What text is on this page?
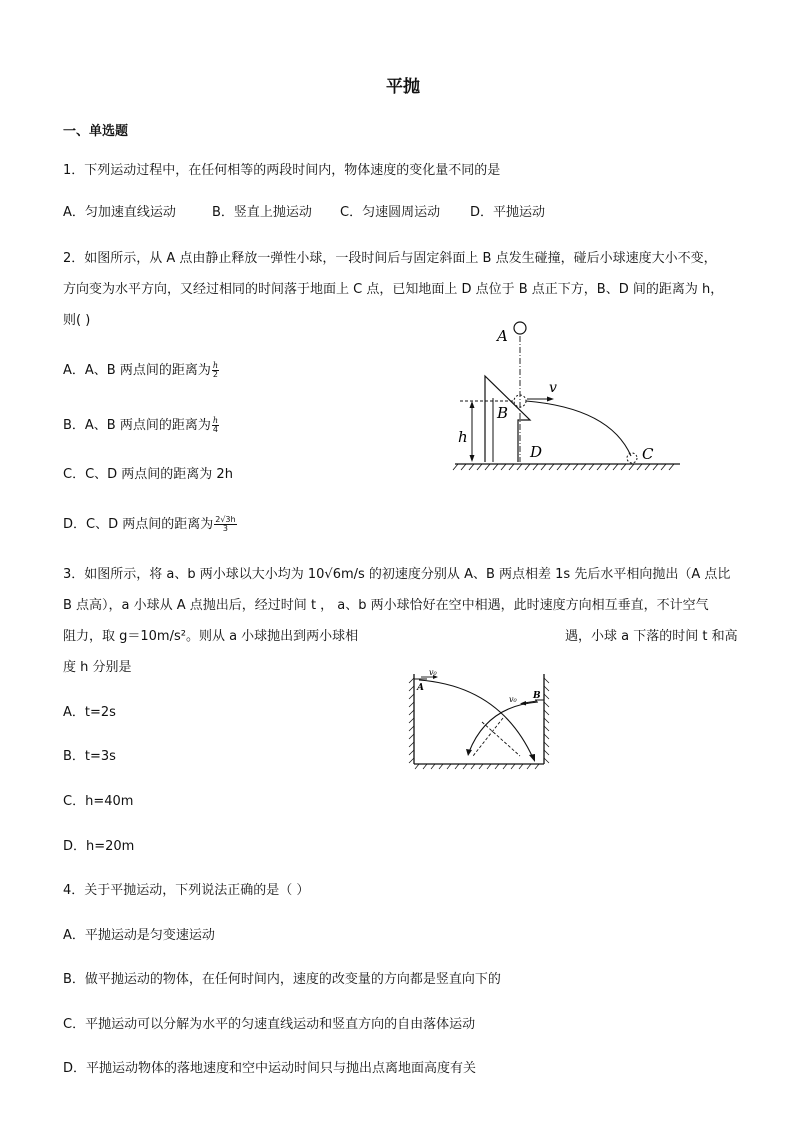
平抛
一、单选题
1．下列运动过程中，在任何相等的两段时间内，物体速度的变化量不同的是
A．匀加速直线运动	B．竖直上抛运动 C．匀速圆周运动 D．平抛运动
2．如图所示，从 A 点由静止释放一弹性小球，一段时间后与固定斜面上 B 点发生碰撞，碰后小球速度大小不变，
方向变为水平方向，又经过相同的时间落于地面上 C 点，已知地面上 D 点位于 B 点正下方，B、D 间的距离为 h，
则( )
A．A、B 两点间的距离为 $\frac{h}{2}$
B．A、B 两点间的距离为 $\frac{h}{4}$
C．C、D 两点间的距离为 2h
D．C、D 两点间的距离为 $\frac{2√3h}{3}$
A
B
C
D
h
v
3．如图所示，将 a、b 两小球以大小均为 10√6m/s 的初速度分别从 A、B 两点相差 1s 先后水平相向抛出（A 点比
B 点高），a 小球从 A 点抛出后，经过时间 t ， a、b 两小球恰好在空中相遇，此时速度方向相互垂直，不计空气
阻力，取 g＝10m/s²。则从 a 小球抛出到两小球相	遇，小球 a 下落的时间 t 和高
度 h 分别是
A．t=2s
B．t=3s
C．h=40m
D．h=20m
A
v₀
v₀ B
4．关于平抛运动，下列说法正确的是（ ）
A．平抛运动是匀变速运动
B．做平抛运动的物体，在任何时间内，速度的改变量的方向都是竖直向下的
C．平抛运动可以分解为水平的匀速直线运动和竖直方向的自由落体运动
D．平抛运动物体的落地速度和空中运动时间只与抛出点离地面高度有关
